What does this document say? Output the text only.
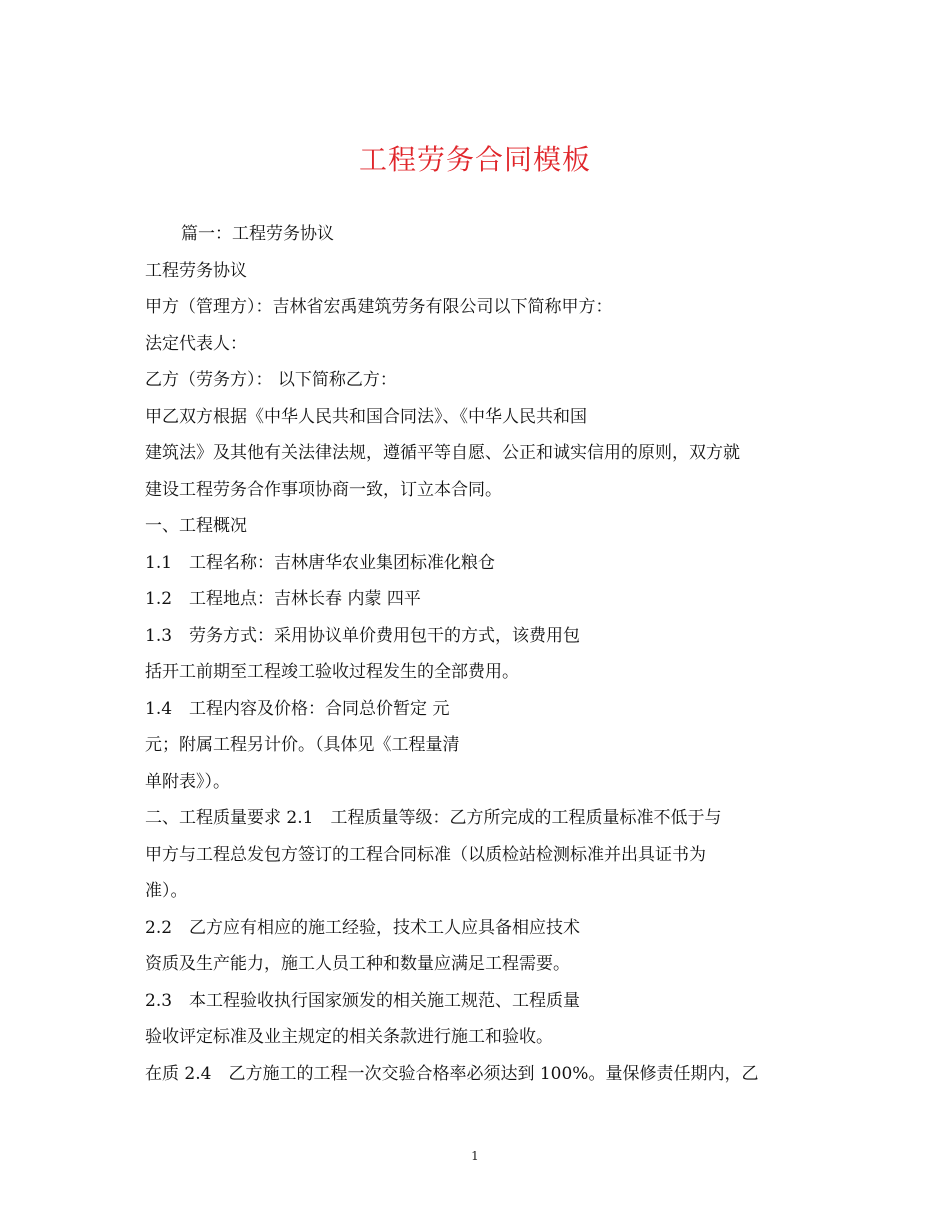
工程劳务合同模板
篇一：工程劳务协议
工程劳务协议
甲方（管理方）：吉林省宏禹建筑劳务有限公司以下简称甲方：
法定代表人：
乙方（劳务方）： 以下简称乙方：
甲乙双方根据《中华人民共和国合同法》、《中华人民共和国
建筑法》及其他有关法律法规，遵循平等自愿、公正和诚实信用的原则，双方就
建设工程劳务合作事项协商一致，订立本合同。
一、工程概况
1.1　工程名称：吉林唐华农业集团标准化粮仓
1.2　工程地点：吉林长春 内蒙 四平
1.3　劳务方式：采用协议单价费用包干的方式，该费用包
括开工前期至工程竣工验收过程发生的全部费用。
1.4　工程内容及价格：合同总价暂定 元
元；附属工程另计价。（具体见《工程量清
单附表》）。
二、工程质量要求 2.1　工程质量等级：乙方所完成的工程质量标准不低于与
甲方与工程总发包方签订的工程合同标准（以质检站检测标准并出具证书为
准）。
2.2　乙方应有相应的施工经验，技术工人应具备相应技术
资质及生产能力，施工人员工种和数量应满足工程需要。
2.3　本工程验收执行国家颁发的相关施工规范、工程质量
验收评定标准及业主规定的相关条款进行施工和验收。
在质 2.4　乙方施工的工程一次交验合格率必须达到 100%。量保修责任期内，乙
1
